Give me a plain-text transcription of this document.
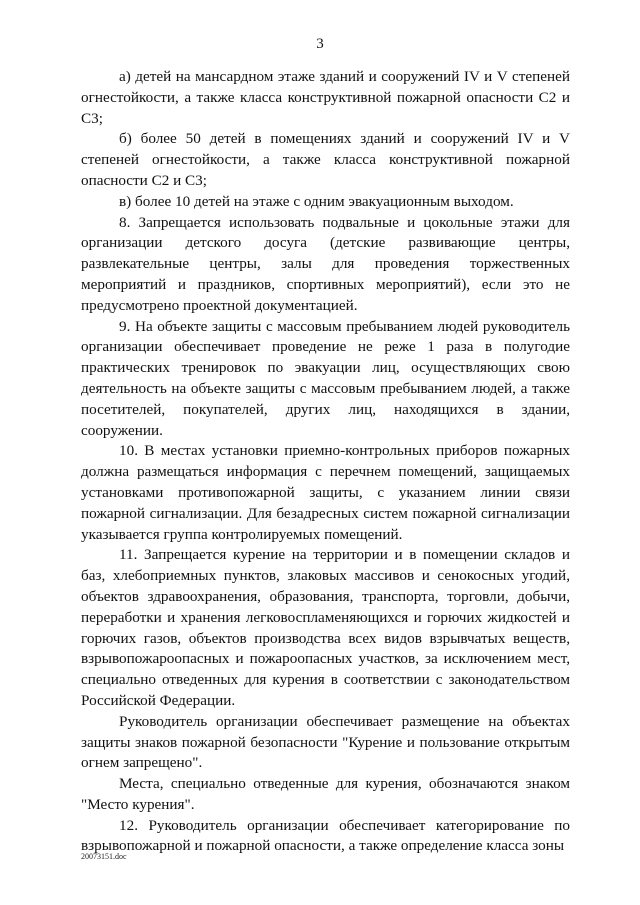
3

а) детей на мансардном этаже зданий и сооружений IV и V степеней огнестойкости, а также класса конструктивной пожарной опасности С2 и С3;

б) более 50 детей в помещениях зданий и сооружений IV и V степеней огнестойкости, а также класса конструктивной пожарной опасности С2 и С3;

в) более 10 детей на этаже с одним эвакуационным выходом.

8. Запрещается использовать подвальные и цокольные этажи для организации детского досуга (детские развивающие центры, развлекательные центры, залы для проведения торжественных мероприятий и праздников, спортивных мероприятий), если это не предусмотрено проектной документацией.

9. На объекте защиты с массовым пребыванием людей руководитель организации обеспечивает проведение не реже 1 раза в полугодие практических тренировок по эвакуации лиц, осуществляющих свою деятельность на объекте защиты с массовым пребыванием людей, а также посетителей, покупателей, других лиц, находящихся в здании, сооружении.

10. В местах установки приемно-контрольных приборов пожарных должна размещаться информация с перечнем помещений, защищаемых установками противопожарной защиты, с указанием линии связи пожарной сигнализации. Для безадресных систем пожарной сигнализации указывается группа контролируемых помещений.

11. Запрещается курение на территории и в помещении складов и баз, хлебоприемных пунктов, злаковых массивов и сенокосных угодий, объектов здравоохранения, образования, транспорта, торговли, добычи, переработки и хранения легковоспламеняющихся и горючих жидкостей и горючих газов, объектов производства всех видов взрывчатых веществ, взрывопожароопасных и пожароопасных участков, за исключением мест, специально отведенных для курения в соответствии с законодательством Российской Федерации.

Руководитель организации обеспечивает размещение на объектах защиты знаков пожарной безопасности "Курение и пользование открытым огнем запрещено".

Места, специально отведенные для курения, обозначаются знаком "Место курения".

12. Руководитель организации обеспечивает категорирование по взрывопожарной и пожарной опасности, а также определение класса зоны

20073151.doc
